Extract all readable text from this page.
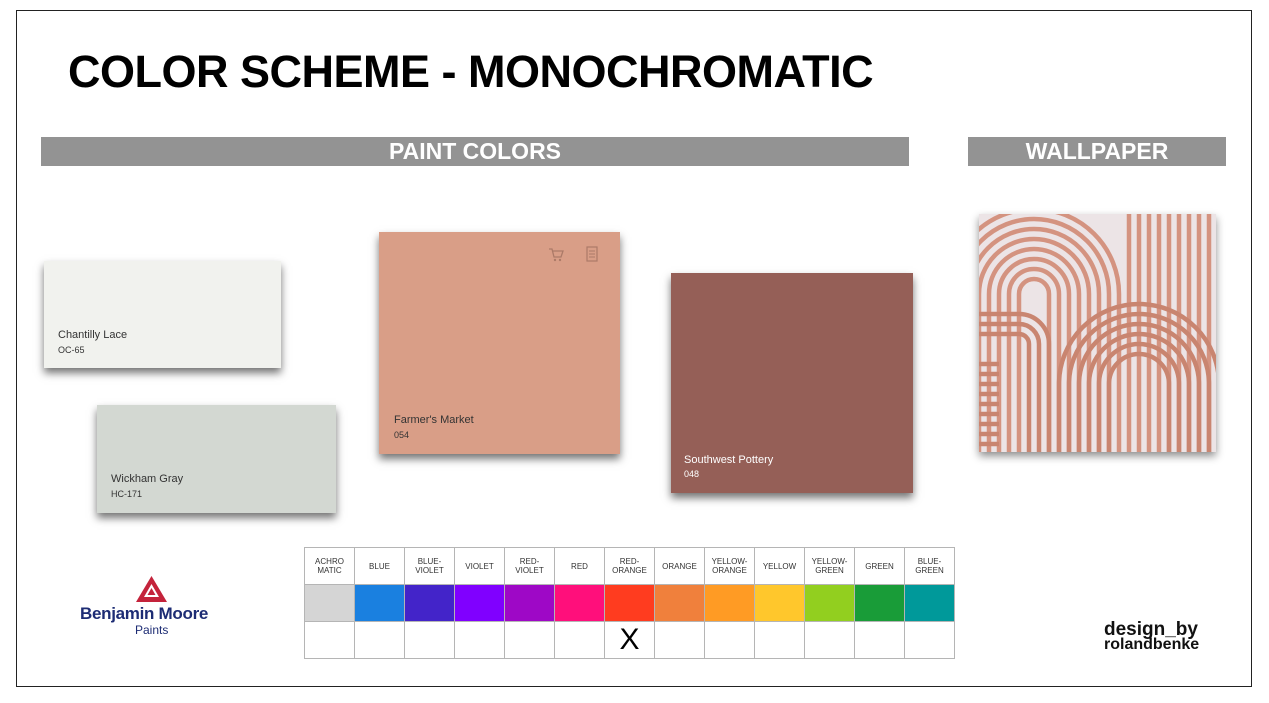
COLOR SCHEME - MONOCHROMATIC
PAINT COLORS	WALLPAPER
Chantilly Lace
OC-65
Wickham Gray
HC-171
Farmer's Market
054
Southwest Pottery
048
ACHRO MATIC	BLUE	BLUE- VIOLET	VIOLET	RED- VIOLET	RED	RED- ORANGE	ORANGE	YELLOW- ORANGE	YELLOW	YELLOW- GREEN	GREEN	BLUE- GREEN

						X						
Benjamin Moore
Paints	design_by
rolandbenke
